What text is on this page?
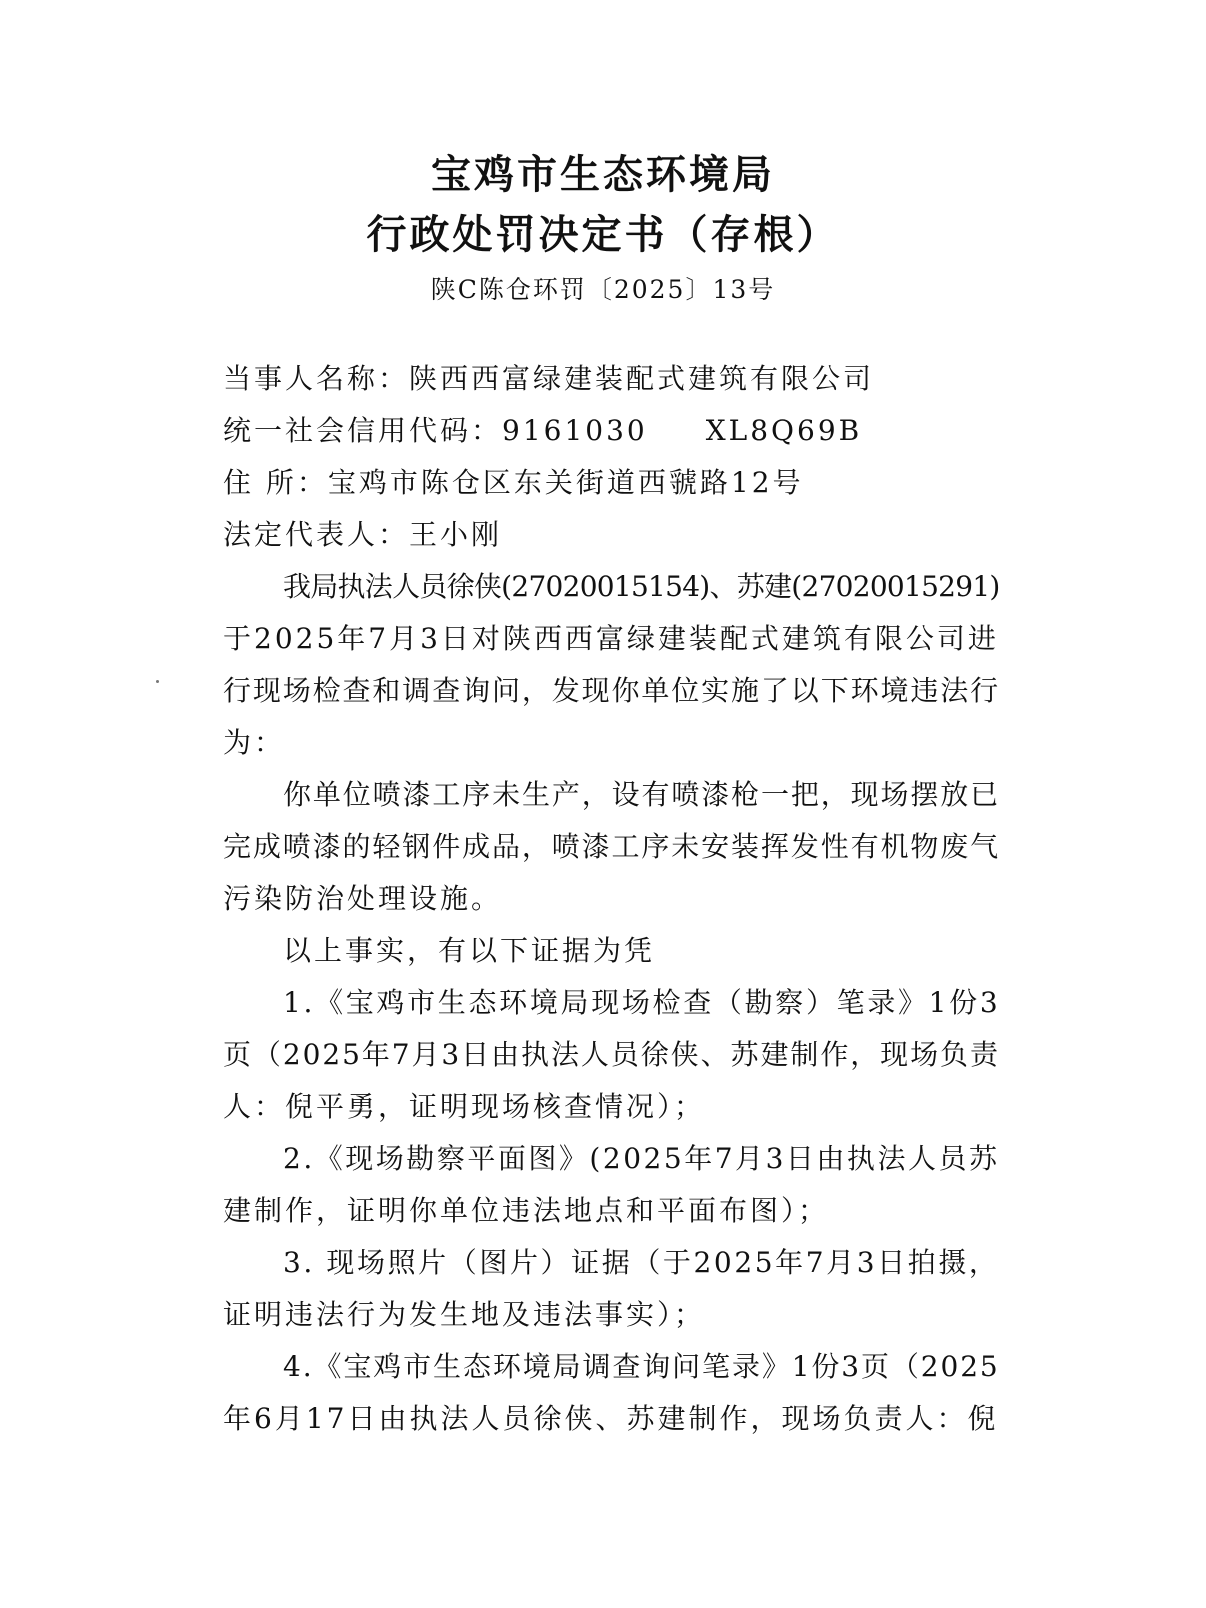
宝鸡市生态环境局
行政处罚决定书（存根）
陕C陈仓环罚〔2025〕13号
当事人名称：陕西西富绿建装配式建筑有限公司
统一社会信用代码：9161030 XL8Q69B
住 所：宝鸡市陈仓区东关街道西虢路12号
法定代表人：王小刚
我局执法人员徐侠(27020015154)、苏建(27020015291)
于2025年7月3日对陕西西富绿建装配式建筑有限公司进
行现场检查和调查询问，发现你单位实施了以下环境违法行
为：
你单位喷漆工序未生产，设有喷漆枪一把，现场摆放已
完成喷漆的轻钢件成品，喷漆工序未安装挥发性有机物废气
污染防治处理设施。
以上事实，有以下证据为凭
1.《宝鸡市生态环境局现场检查（勘察）笔录》1份3
页（2025年7月3日由执法人员徐侠、苏建制作，现场负责
人：倪平勇，证明现场核查情况）；
2.《现场勘察平面图》(2025年7月3日由执法人员苏
建制作，证明你单位违法地点和平面布图）；
3. 现场照片（图片）证据（于2025年7月3日拍摄，
证明违法行为发生地及违法事实）；
4.《宝鸡市生态环境局调查询问笔录》1份3页（2025
年6月17日由执法人员徐侠、苏建制作，现场负责人：倪
